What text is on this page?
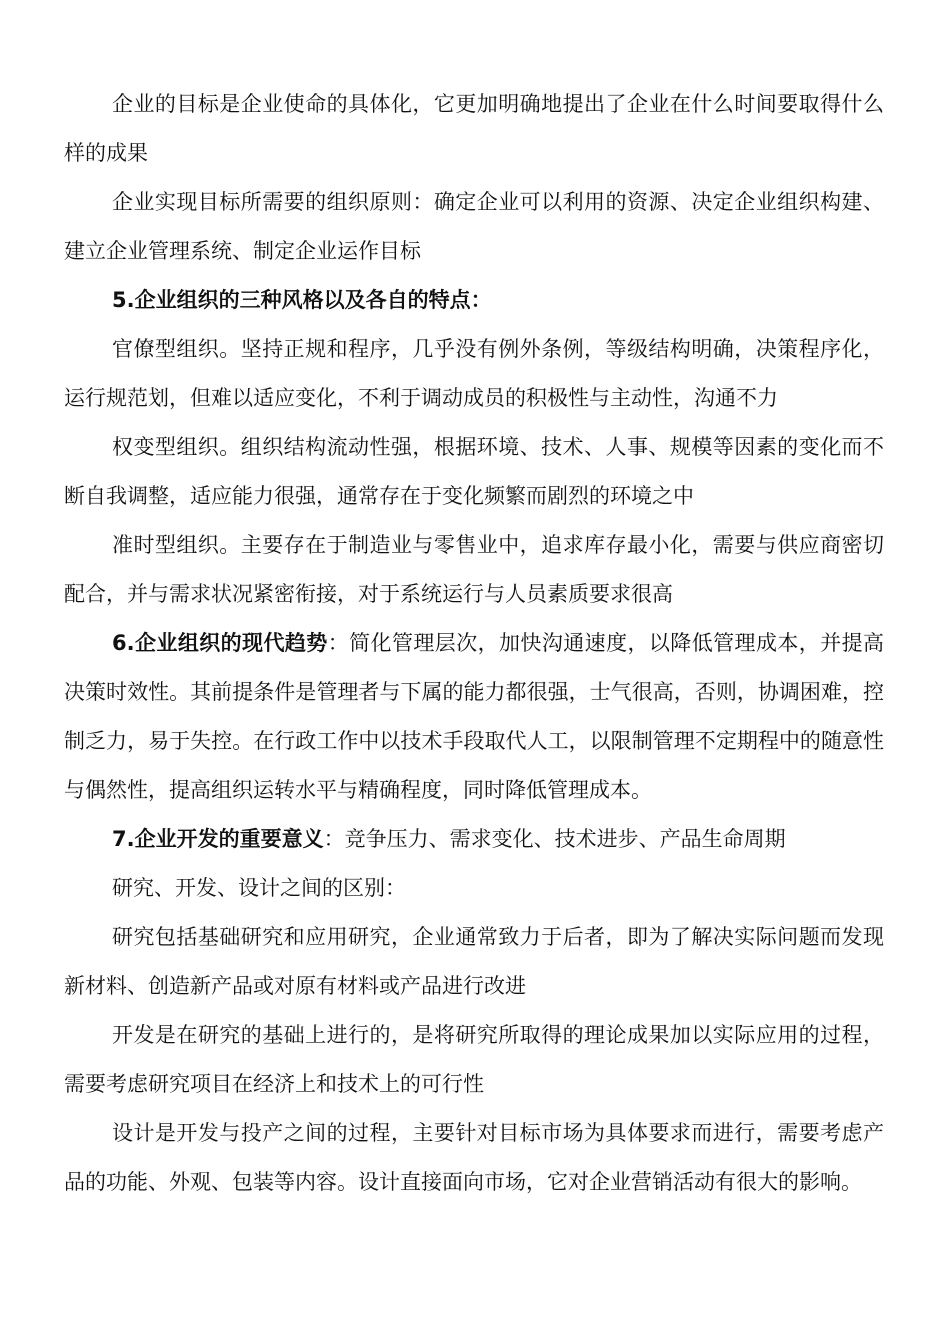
企业的目标是企业使命的具体化，它更加明确地提出了企业在什么时间要取得什么样的成果

企业实现目标所需要的组织原则：确定企业可以利用的资源、决定企业组织构建、建立企业管理系统、制定企业运作目标

5.企业组织的三种风格以及各自的特点：

官僚型组织。坚持正规和程序，几乎没有例外条例，等级结构明确，决策程序化，运行规范划，但难以适应变化，不利于调动成员的积极性与主动性，沟通不力

权变型组织。组织结构流动性强，根据环境、技术、人事、规模等因素的变化而不断自我调整，适应能力很强，通常存在于变化频繁而剧烈的环境之中

准时型组织。主要存在于制造业与零售业中，追求库存最小化，需要与供应商密切配合，并与需求状况紧密衔接，对于系统运行与人员素质要求很高

6.企业组织的现代趋势：简化管理层次，加快沟通速度，以降低管理成本，并提高决策时效性。其前提条件是管理者与下属的能力都很强，士气很高，否则，协调困难，控制乏力，易于失控。在行政工作中以技术手段取代人工，以限制管理不定期程中的随意性与偶然性，提高组织运转水平与精确程度，同时降低管理成本。

7.企业开发的重要意义：竞争压力、需求变化、技术进步、产品生命周期

研究、开发、设计之间的区别：

研究包括基础研究和应用研究，企业通常致力于后者，即为了解决实际问题而发现新材料、创造新产品或对原有材料或产品进行改进

开发是在研究的基础上进行的，是将研究所取得的理论成果加以实际应用的过程，需要考虑研究项目在经济上和技术上的可行性

设计是开发与投产之间的过程，主要针对目标市场为具体要求而进行，需要考虑产品的功能、外观、包装等内容。设计直接面向市场，它对企业营销活动有很大的影响。
